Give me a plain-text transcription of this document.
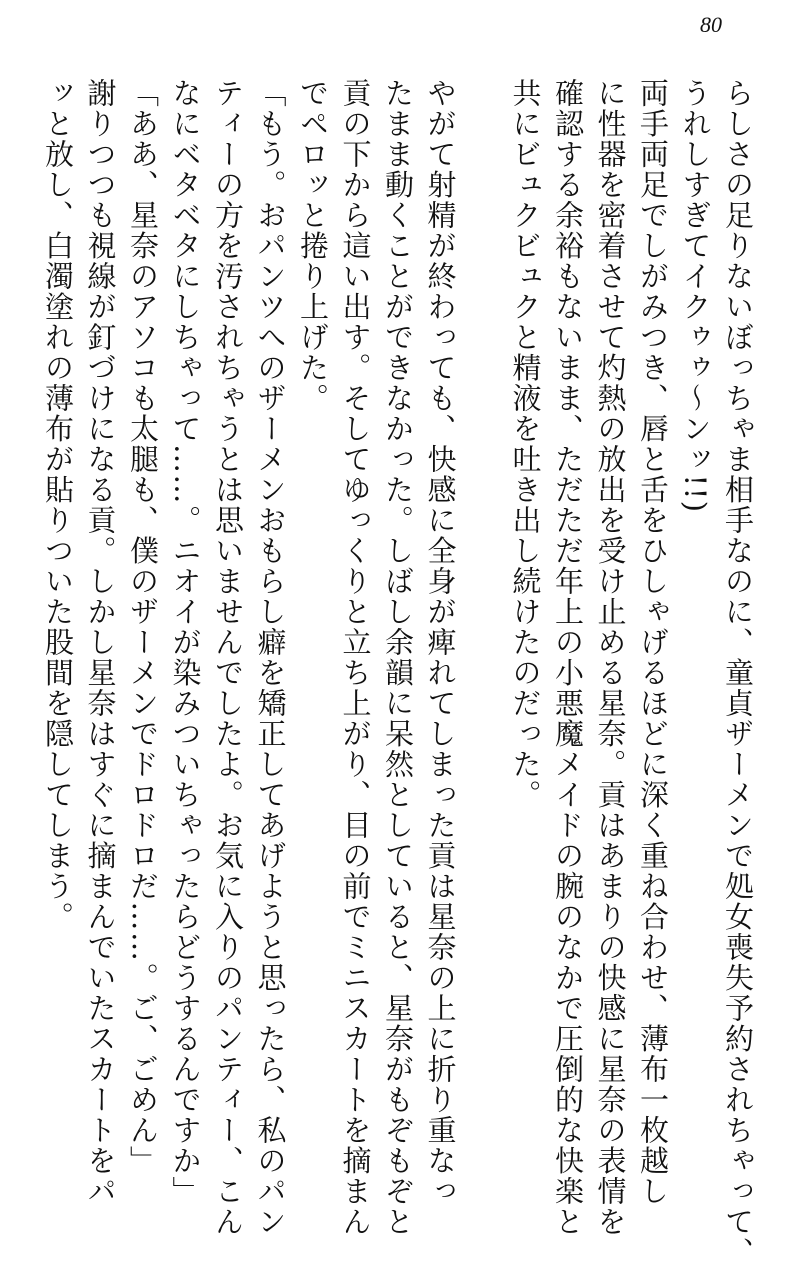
80

らしさの足りないぼっちゃま相手なのに、童貞ザーメンで処女喪失予約されちゃって、

うれしすぎてイクゥゥ〜ンッ!!)

両手両足でしがみつき、唇と舌をひしゃげるほどに深く重ね合わせ、薄布一枚越し

に性器を密着させて灼熱の放出を受け止める星奈。貢はあまりの快感に星奈の表情を

確認する余裕もないまま、ただただ年上の小悪魔メイドの腕のなかで圧倒的な快楽と

共にビュクビュクと精液を吐き出し続けたのだった。

やがて射精が終わっても、快感に全身が痺れてしまった貢は星奈の上に折り重なっ

たまま動くことができなかった。しばし余韻に呆然としていると、星奈がもぞもぞと

貢の下から這い出す。そしてゆっくりと立ち上がり、目の前でミニスカートを摘まん

でペロッと捲り上げた。

「もう。おパンツへのザーメンおもらし癖を矯正してあげようと思ったら、私のパン

ティーの方を汚されちゃうとは思いませんでしたよ。お気に入りのパンティー、こん

なにベタベタにしちゃって……。ニオイが染みついちゃったらどうするんですか」

「ああ、星奈のアソコも太腿も、僕のザーメンでドロドロだ……。ご、ごめん」

謝りつつも視線が釘づけになる貢。しかし星奈はすぐに摘まんでいたスカートをパ

ッと放し、白濁塗れの薄布が貼りついた股間を隠してしまう。
